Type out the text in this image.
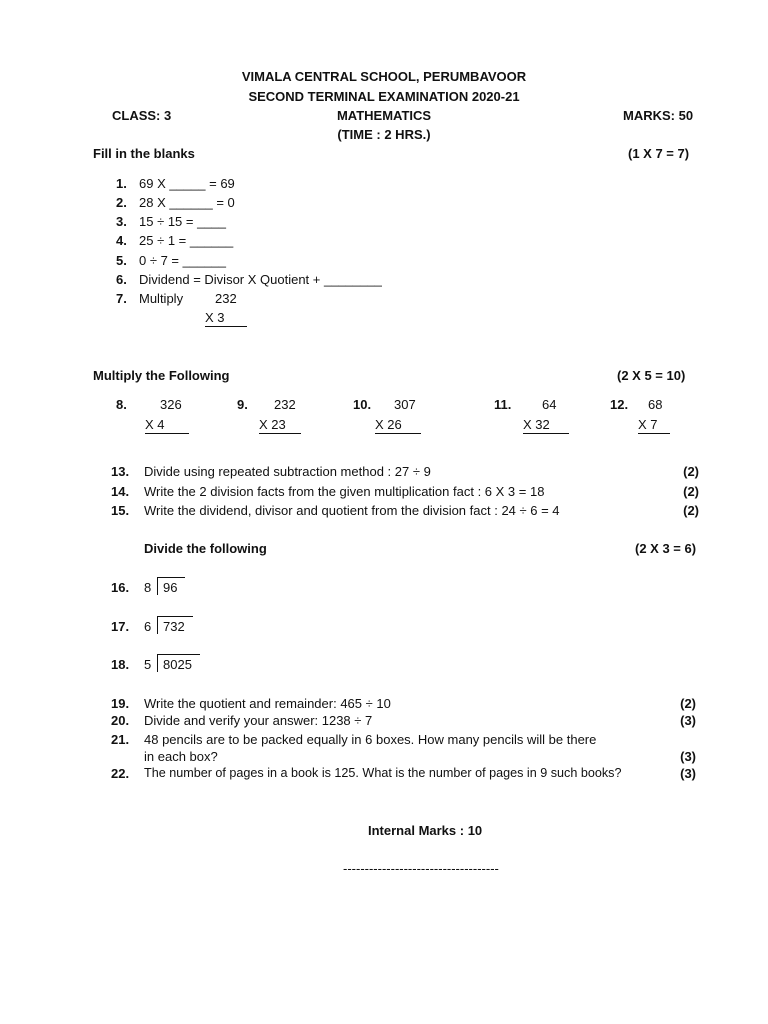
VIMALA CENTRAL SCHOOL, PERUMBAVOOR
SECOND TERMINAL EXAMINATION 2020-21
CLASS: 3	MATHEMATICS	MARKS: 50
(TIME : 2 HRS.)
Fill in the blanks	(1 X 7 = 7)
1. 69 X _____ = 69
2. 28 X ______ = 0
3. 15 ÷ 15 = ____
4. 25 ÷ 1 = ______
5. 0 ÷ 7 = ______
6. Dividend = Divisor X Quotient + ________
7. Multiply 232
X 3
Multiply the Following	(2 X 5 = 10)
8.	326
X 4
9. 232
X 23
10. 307
X 26
11. 64
X 32
12. 68
X 7
13. Divide using repeated subtraction method : 27 ÷ 9	(2)
14. Write the 2 division facts from the given multiplication fact : 6 X 3 = 18	(2)
15. Write the dividend, divisor and quotient from the division fact : 24 ÷ 6 = 4	(2)
Divide the following	(2 X 3 = 6)
16. 8 96
17. 6 732
18. 5 8025
19. Write the quotient and remainder: 465 ÷ 10	(2)
20. Divide and verify your answer: 1238 ÷ 7	(3)
21. 48 pencils are to be packed equally in 6 boxes. How many pencils will be there
in each box?	(3)
22. The number of pages in a book is 125. What is the number of pages in 9 such books?	(3)
Internal Marks : 10
------------------------------------
